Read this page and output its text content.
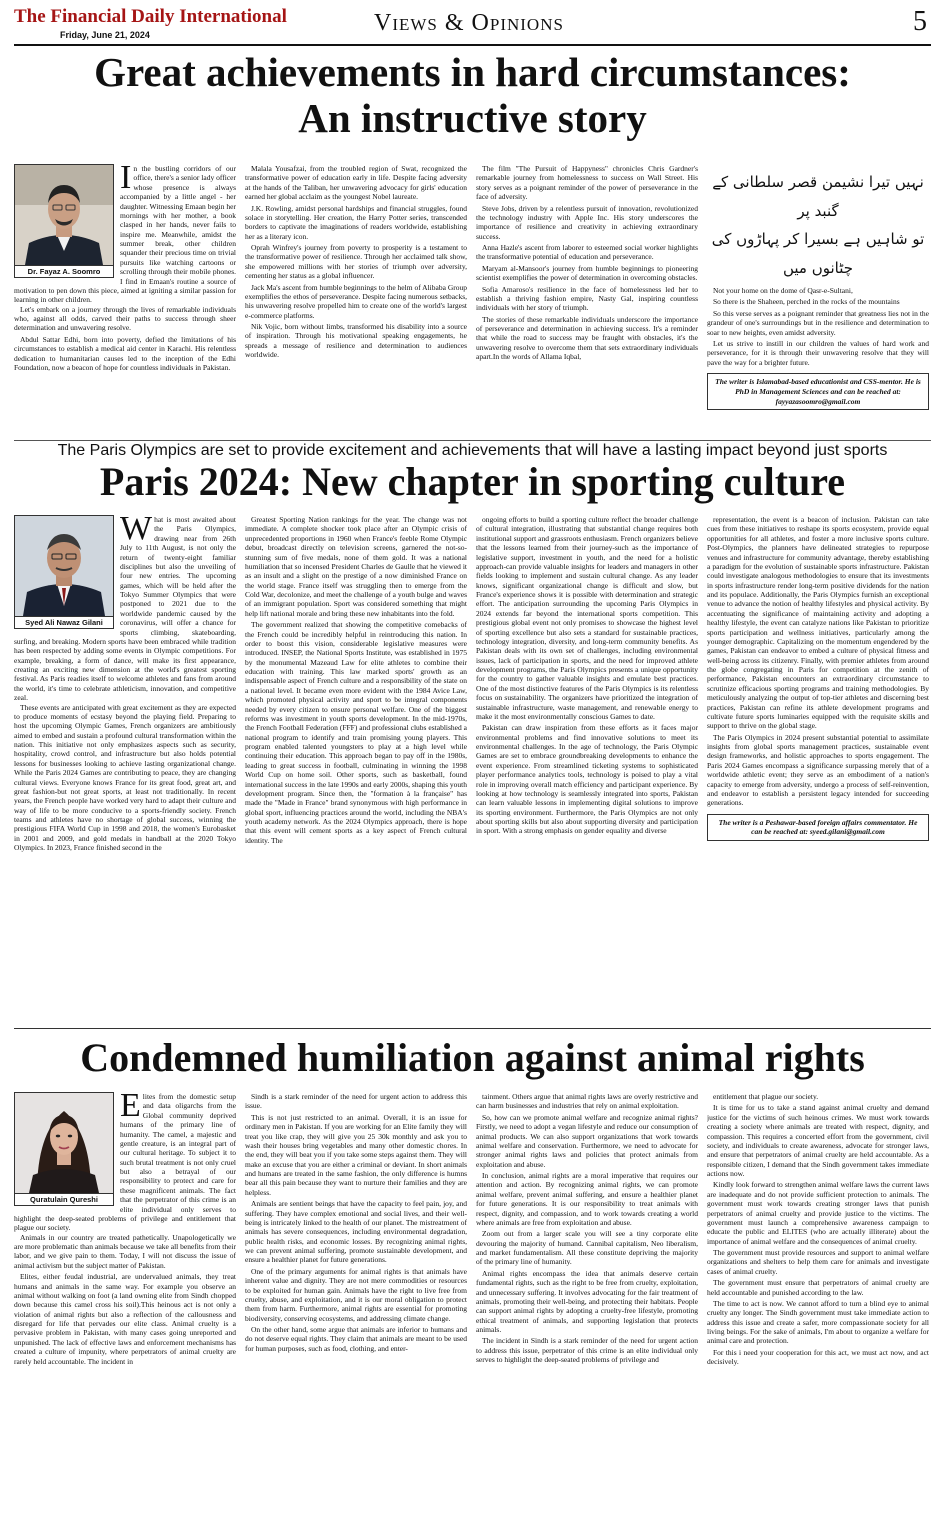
The Financial Daily International
Friday, June 21, 2024	Views & Opinions	5
Great achievements in hard circumstances:
An instructive story
Dr. Fayaz A. Soomro
I n the bustling corridors of our office, there's a senior lady officer whose presence is always accompanied by a little angel - her daughter. Witnessing Emaan begin her mornings with her mother, a book clasped in her hands, never fails to inspire me. Meanwhile, amidst the summer break, other children squander their precious time on trivial pursuits like watching cartoons or scrolling through their mobile phones. I find in Emaan's routine a source of motivation to pen down this piece, aimed at igniting a similar passion for learning in other children.

Let's embark on a journey through the lives of remarkable individuals who, against all odds, carved their paths to success through sheer determination and unwavering resolve.

Abdul Sattar Edhi, born into poverty, defied the limitations of his circumstances to establish a medical aid center in Karachi. His relentless dedication to humanitarian causes led to the inception of the Edhi Foundation, now a beacon of hope for countless individuals in Pakistan.

Malala Yousafzai, from the troubled region of Swat, recognized the transformative power of education early in life. Despite facing adversity at the hands of the Taliban, her unwavering advocacy for girls' education earned her global acclaim as the youngest Nobel laureate.

J.K. Rowling, amidst personal hardships and financial struggles, found solace in storytelling. Her creation, the Harry Potter series, transcended borders to captivate the imaginations of readers worldwide, establishing her as a literary icon.

Oprah Winfrey's journey from poverty to prosperity is a testament to the transformative power of resilience. Through her acclaimed talk show, she empowered millions with her stories of triumph over adversity, cementing her status as a global influencer.

Jack Ma's ascent from humble beginnings to the helm of Alibaba Group exemplifies the ethos of perseverance. Despite facing numerous setbacks, his unwavering resolve propelled him to create one of the world's largest e-commerce platforms.

Nik Vojic, born without limbs, transformed his disability into a source of inspiration. Through his motivational speaking engagements, he spreads a message of resilience and determination to audiences worldwide.

The film "The Pursuit of Happyness" chronicles Chris Gardner's remarkable journey from homelessness to success on Wall Street. His story serves as a poignant reminder of the power of perseverance in the face of adversity.

Steve Jobs, driven by a relentless pursuit of innovation, revolutionized the technology industry with Apple Inc. His story underscores the importance of resilience and creativity in achieving extraordinary success.

Anna Hazle's ascent from laborer to esteemed social worker highlights the transformative potential of education and perseverance.

Maryam al-Mansoor's journey from humble beginnings to pioneering scientist exemplifies the power of determination in overcoming obstacles.

Sofia Amaroso's resilience in the face of homelessness led her to establish a thriving fashion empire, Nasty Gal, inspiring countless individuals with her story of triumph.

The stories of these remarkable individuals underscore the importance of perseverance and determination in achieving success. It's a reminder that while the road to success may be fraught with obstacles, it's the unwavering resolve to overcome them that sets extraordinary individuals apart.In the words of Allama Iqbal,

نہیں تیرا نشیمن قصر سلطانی کے گنبد پر
تو شاہیں ہے بسیرا کر پہاڑوں کی چٹانوں میں

Not your home on the dome of Qasr-e-Sultani,

So there is the Shaheen, perched in the rocks of the mountains

So this verse serves as a poignant reminder that greatness lies not in the grandeur of one's surroundings but in the resilience and determination to soar to new heights, even amidst adversity.

Let us strive to instill in our children the values of hard work and perseverance, for it is through their unwavering resolve that they will pave the way for a brighter future.

The writer is Islamabad-based educationist and CSS-mentor. He is PhD in Management Sciences and can be reached at: fayyazasoomro@gmail.com
The Paris Olympics are set to provide excitement and achievements that will have a lasting impact beyond just sports
Paris 2024: New chapter in sporting culture
Syed Ali Nawaz Gilani
W hat is most awaited about the Paris Olympics, drawing near from 26th July to 11th August, is not only the return of twenty-eight familiar disciplines but also the unveiling of four new entries. The upcoming games, which will be held after the Tokyo Summer Olympics that were postponed to 2021 due to the worldwide pandemic caused by the coronavirus, will offer a chance for sports climbing, skateboarding, surfing, and breaking. Modern sports have been embraced while tradition has been respected by adding some events in Olympic competitions. For example, breaking, a form of dance, will make its first appearance, creating an exciting new dimension at the world's greatest sporting festival. As Paris readies itself to welcome athletes and fans from around the world, it's time to celebrate athleticism, innovation, and competitive zeal.

These events are anticipated with great excitement as they are expected to produce moments of ecstasy beyond the playing field. Preparing to host the upcoming Olympic Games, French organizers are ambitiously aimed to embed and sustain a profound cultural transformation within the nation. This initiative not only emphasizes aspects such as security, hospitality, crowd control, and infrastructure but also holds potential lessons for businesses looking to achieve lasting organizational change. While the Paris 2024 Games are contributing to peace, they are changing cultural views. Everyone knows France for its great food, great art, and great fashion-but not great sports, at least not traditionally. In recent years, the French people have worked very hard to adapt their culture and way of life to be more conducive to a sports-friendly society. French teams and athletes have no shortage of global success, winning the prestigious FIFA World Cup in 1998 and 2018, the women's Eurobasket in 2001 and 2009, and gold medals in handball at the 2020 Tokyo Olympics. In 2023, France finished second in the

Greatest Sporting Nation rankings for the year. The change was not immediate. A complete shocker took place after an Olympic crisis of unprecedented proportions in 1960 when France's feeble Rome Olympic debut, broadcast directly on television screens, garnered the not-so-stunning sum of five medals, none of them gold. It was a national humiliation that so incensed President Charles de Gaulle that he viewed it as an insult and a slight on the prestige of a now diminished France on the world stage. France itself was struggling then to emerge from the Cold War, decolonize, and meet the challenge of a youth bulge and waves of an immigrant population. Sport was considered something that might help lift national morale and bring these new inhabitants into the fold.

The government realized that showing the competitive comebacks of the French could be incredibly helpful in reintroducing this nation. In order to boost this vision, considerable legislative measures were introduced. INSEP, the National Sports Institute, was established in 1975 by the monumental Mazeaud Law for elite athletes to combine their education with training. This law marked sports' growth as an indispensable aspect of French culture and a responsibility of the state on a national level. It became even more evident with the 1984 Avice Law, which promoted physical activity and sport to be integral components needed by every citizen to ensure personal welfare. One of the biggest reforms was investment in youth sports development. In the mid-1970s, the French Football Federation (FFF) and professional clubs established a national program to identify and train promising young players. This program enabled talented youngsters to play at a high level while continuing their education. This approach began to pay off in the 1980s, leading to great success in football, culminating in winning the 1998 World Cup on home soil. Other sports, such as basketball, found international success in the late 1990s and early 2000s, shaping this youth development program. Since then, the "formation à la française" has made the "Made in France" brand synonymous with high performance in global sport, influencing practices around the world, including the NBA's youth academy network. As the 2024 Olympics approach, there is hope that this event will cement sports as a key aspect of French cultural identity. The

ongoing efforts to build a sporting culture reflect the broader challenge of cultural integration, illustrating that substantial change requires both institutional support and grassroots enthusiasm. French organizers believe that the lessons learned from their journey-such as the importance of legislative support, investment in youth, and the need for a holistic approach-can provide valuable insights for leaders and managers in other fields looking to implement and sustain cultural change. As any leader knows, significant organizational change is difficult and slow, but France's experience shows it is possible with determination and strategic effort. The anticipation surrounding the upcoming Paris Olympics in 2024 extends far beyond the international sports competition. This prestigious global event not only promises to showcase the highest level of sporting excellence but also sets a standard for sustainable practices, technology integration, diversity, and long-term community benefits. As Pakistan deals with its own set of challenges, including environmental issues, lack of participation in sports, and the need for improved athlete development programs, the Paris Olympics presents a unique opportunity for the country to gather valuable insights and emulate best practices. One of the most distinctive features of the Paris Olympics is its relentless focus on sustainability. The organizers have prioritized the integration of sustainable infrastructure, waste management, and renewable energy to make it the most environmentally conscious Games to date.

Pakistan can draw inspiration from these efforts as it faces major environmental problems and find innovative solutions to meet its environmental challenges. In the age of technology, the Paris Olympic Games are set to embrace groundbreaking developments to enhance the event experience. From streamlined ticketing systems to sophisticated player performance analytics tools, technology is poised to play a vital role in improving overall match efficiency and participant experience. By looking at how technology is seamlessly integrated into sports, Pakistan can learn valuable lessons in implementing digital solutions to improve its sporting environment. Furthermore, the Paris Olympics are not only about sporting skills but also about supporting diversity and participation in sport. With a strong emphasis on gender equality and diverse

representation, the event is a beacon of inclusion. Pakistan can take cues from these initiatives to reshape its sports ecosystem, provide equal opportunities for all athletes, and foster a more inclusive sports culture. Post-Olympics, the planners have delineated strategies to repurpose venues and infrastructure for community advantage, thereby establishing a paradigm for the evolution of sustainable sports infrastructure. Pakistan could investigate analogous methodologies to ensure that its investments in sports infrastructure render long-term positive dividends for the nation and its populace. Additionally, the Paris Olympics furnish an exceptional venue to advance the notion of healthy lifestyles and physical activity. By accentuating the significance of maintaining activity and adopting a healthy lifestyle, the event can catalyze nations like Pakistan to prioritize sports participation and wellness initiatives, particularly among the younger demographic. Capitalizing on the momentum engendered by the games, Pakistan can endeavor to embed a culture of physical fitness and well-being across its citizenry. Finally, with premier athletes from around the globe congregating in Paris for competition at the zenith of performance, Pakistan encounters an extraordinary circumstance to scrutinize efficacious sporting programs and training methodologies. By meticulously analyzing the output of top-tier athletes and discerning best practices, Pakistan can refine its athlete development programs and cultivate future sports luminaries equipped with the requisite skills and support to thrive on the global stage.

The Paris Olympics in 2024 present substantial potential to assimilate insights from global sports management practices, sustainable event design frameworks, and holistic approaches to sports engagement. The Paris 2024 Games encompass a significance surpassing merely that of a worldwide athletic event; they serve as an embodiment of a nation's capacity to emerge from adversity, undergo a process of self-reinvention, and endeavor to establish a persistent legacy intended for succeeding generations.

The writer is a Peshawar-based foreign affairs commentator. He can be reached at: syeed.gilani@gmail.com
Condemned humiliation against animal rights
Quratulain Qureshi
E lites from the domestic setup and data oligarchs from the Global community deprived humans of the primary line of humanity. The camel, a majestic and gentle creature, is an integral part of our cultural heritage. To subject it to such brutal treatment is not only cruel but also a betrayal of our responsibility to protect and care for these magnificent animals. The fact that the perpetrator of this crime is an elite individual only serves to highlight the deep-seated problems of privilege and entitlement that plague our society.

Animals in our country are treated pathetically. Unapologetically we are more problematic than animals because we take all benefits from their labor, and we give pain to them. Today, I will not discuss the issue of animal activism but the subject matter of Pakistan.

Elites, either feudal industrial, are undervalued animals, they treat humans and animals in the same way. For example you observe an animal without walking on foot (a land owning elite from Sindh chopped down because this camel cross his soil).This heinous act is not only a violation of animal rights but also a reflection of the callousness and disregard for life that pervades our elite class. Animal cruelty is a pervasive problem in Pakistan, with many cases going unreported and unpunished. The lack of effective laws and enforcement mechanisms has created a culture of impunity, where perpetrators of animal cruelty are rarely held accountable. The incident in

Sindh is a stark reminder of the need for urgent action to address this issue.

This is not just restricted to an animal. Overall, it is an issue for ordinary men in Pakistan. If you are working for an Elite family they will treat you like crap, they will give you 25 30k monthly and ask you to wash their houses bring vegetables and many other domestic chores. In the end, they will beat you if you take some steps against them. They will make an excuse that you are either a criminal or deviant. In short animals and humans are treated in the same fashion, the only difference is humns bear all this pain because they want to nurture their families and they are helpless.

Animals are sentient beings that have the capacity to feel pain, joy, and suffering. They have complex emotional and social lives, and their well-being is intricately linked to the health of our planet. The mistreatment of animals has severe consequences, including environmental degradation, public health risks, and economic losses. By recognizing animal rights, we can prevent animal suffering, promote sustainable development, and ensure a healthier planet for future generations.

One of the primary arguments for animal rights is that animals have inherent value and dignity. They are not mere commodities or resources to be exploited for human gain. Animals have the right to live free from cruelty, abuse, and exploitation, and it is our moral obligation to protect them from harm. Furthermore, animal rights are essential for promoting biodiversity, conserving ecosystems, and addressing climate change.

On the other hand, some argue that animals are inferior to humans and do not deserve equal rights. They claim that animals are meant to be used for human purposes, such as food, clothing, and enter-

tainment. Others argue that animal rights laws are overly restrictive and can harm businesses and industries that rely on animal exploitation.

So, how can we promote animal welfare and recognize animal rights? Firstly, we need to adopt a vegan lifestyle and reduce our consumption of animal products. We can also support organizations that work towards animal welfare and conservation. Furthermore, we need to advocate for stronger animal rights laws and policies that protect animals from exploitation and abuse.

In conclusion, animal rights are a moral imperative that requires our attention and action. By recognizing animal rights, we can promote animal welfare, prevent animal suffering, and ensure a healthier planet for future generations. It is our responsibility to treat animals with respect, dignity, and compassion, and to work towards creating a world where animals are free from exploitation and abuse.

Zoom out from a larger scale you will see a tiny corporate elite devouring the majority of humand. Cannibal capitalism, Neo liberalism, and market fundamentalism. All these constitute depriving the majority of the primary line of humanity.

Animal rights encompass the idea that animals deserve certain fundamental rights, such as the right to be free from cruelty, exploitation, and unnecessary suffering. It involves advocating for the fair treatment of animals, promoting their well-being, and protecting their habitats. People can support animal rights by adopting a cruelty-free lifestyle, promoting ethical treatment of animals, and supporting legislation that protects animals.

The incident in Sindh is a stark reminder of the need for urgent action to address this issue, perpetrator of this crime is an elite individual only serves to highlight the deep-seated problems of privilege and

entitlement that plague our society.

It is time for us to take a stand against animal cruelty and demand justice for the victims of such heinous crimes. We must work towards creating a society where animals are treated with respect, dignity, and compassion. This requires a concerted effort from the government, civil society, and individuals to create awareness, advocate for stronger laws, and ensure that perpetrators of animal cruelty are held accountable. As a responsible citizen, I demand that the Sindh government takes immediate actions now.

Kindly look forward to strengthen animal welfare laws the current laws are inadequate and do not provide sufficient protection to animals. The government must work towards creating stronger laws that punish perpetrators of animal cruelty and provide justice to the victims. The government must launch a comprehensive awareness campaign to educate the public and ELITES (who are actually illiterate) about the importance of animal welfare and the consequences of animal cruelty.

The government must provide resources and support to animal welfare organizations and shelters to help them care for animals and investigate cases of animal cruelty.

The government must ensure that perpetrators of animal cruelty are held accountable and punished according to the law.

The time to act is now. We cannot afford to turn a blind eye to animal cruelty any longer. The Sindh government must take immediate action to address this issue and create a safer, more compassionate society for all living beings. For the sake of animals, I'm about to organize a welfare for animal care and protection.

For this i need your cooperation for this act, we must act now, and act decisively.
